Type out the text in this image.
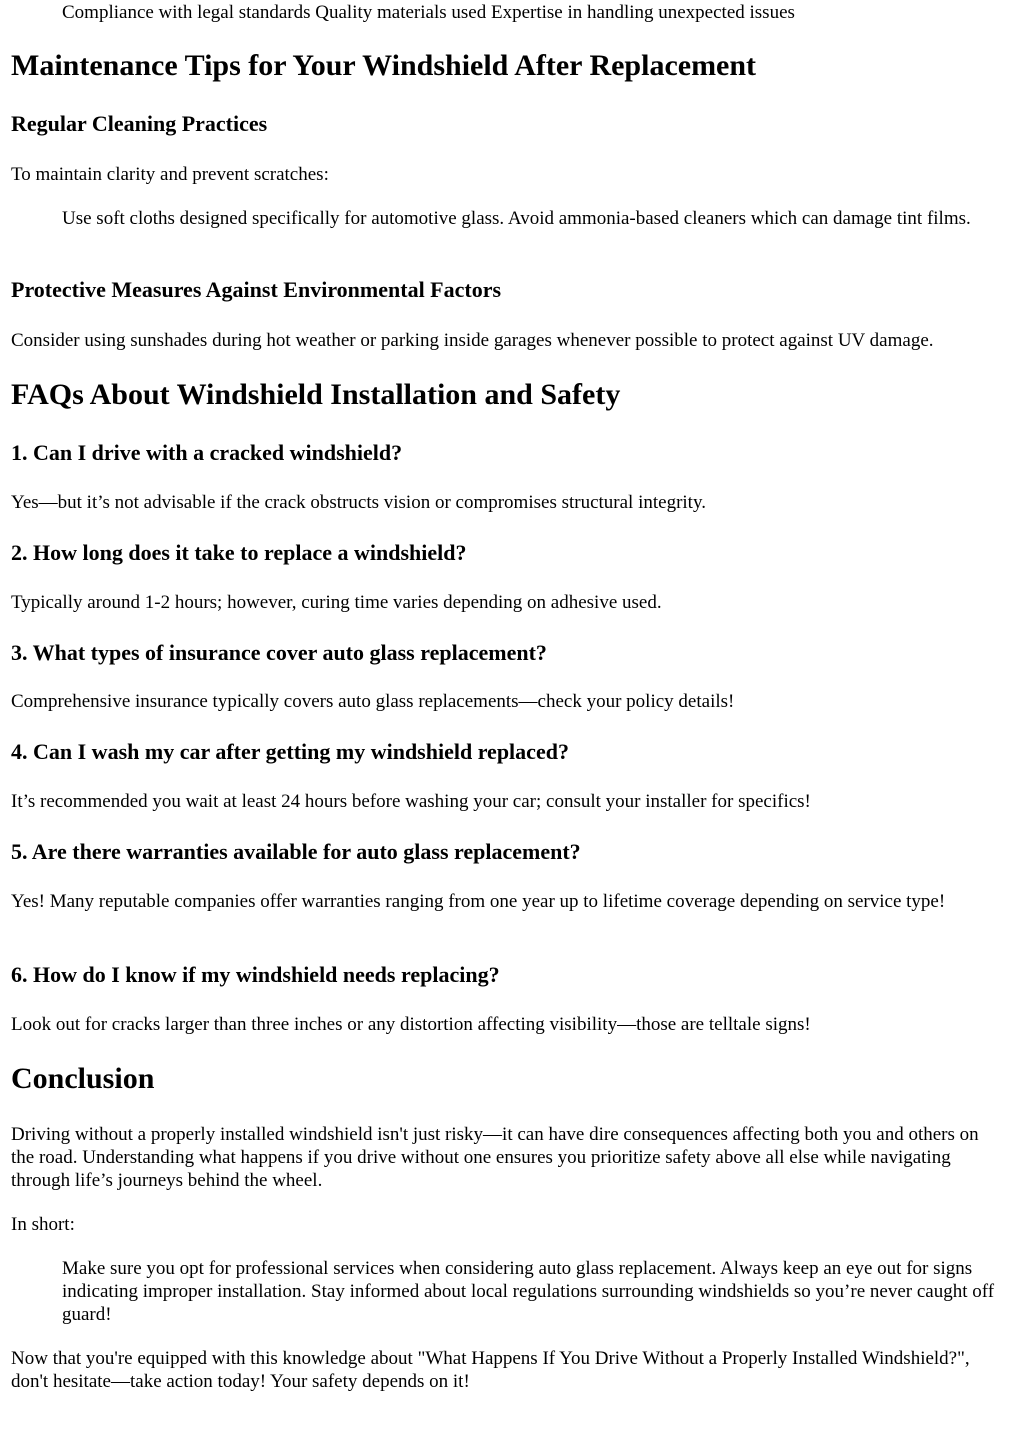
Compliance with legal standards Quality materials used Expertise in handling unexpected issues

Maintenance Tips for Your Windshield After Replacement
Regular Cleaning Practices

To maintain clarity and prevent scratches:

Use soft cloths designed specifically for automotive glass. Avoid ammonia-based cleaners which can damage tint films.

Protective Measures Against Environmental Factors

Consider using sunshades during hot weather or parking inside garages whenever possible to protect against UV damage.

FAQs About Windshield Installation and Safety
1. Can I drive with a cracked windshield?

Yes—but it’s not advisable if the crack obstructs vision or compromises structural integrity.

2. How long does it take to replace a windshield?

Typically around 1-2 hours; however, curing time varies depending on adhesive used.

3. What types of insurance cover auto glass replacement?

Comprehensive insurance typically covers auto glass replacements—check your policy details!

4. Can I wash my car after getting my windshield replaced?

It’s recommended you wait at least 24 hours before washing your car; consult your installer for specifics!

5. Are there warranties available for auto glass replacement?

Yes! Many reputable companies offer warranties ranging from one year up to lifetime coverage depending on service type!

6. How do I know if my windshield needs replacing?

Look out for cracks larger than three inches or any distortion affecting visibility—those are telltale signs!

Conclusion

Driving without a properly installed windshield isn't just risky—it can have dire consequences affecting both you and others on the road. Understanding what happens if you drive without one ensures you prioritize safety above all else while navigating through life’s journeys behind the wheel.

In short:

Make sure you opt for professional services when considering auto glass replacement. Always keep an eye out for signs indicating improper installation. Stay informed about local regulations surrounding windshields so you’re never caught off guard!

Now that you're equipped with this knowledge about "What Happens If You Drive Without a Properly Installed Windshield?", don't hesitate—take action today! Your safety depends on it!
